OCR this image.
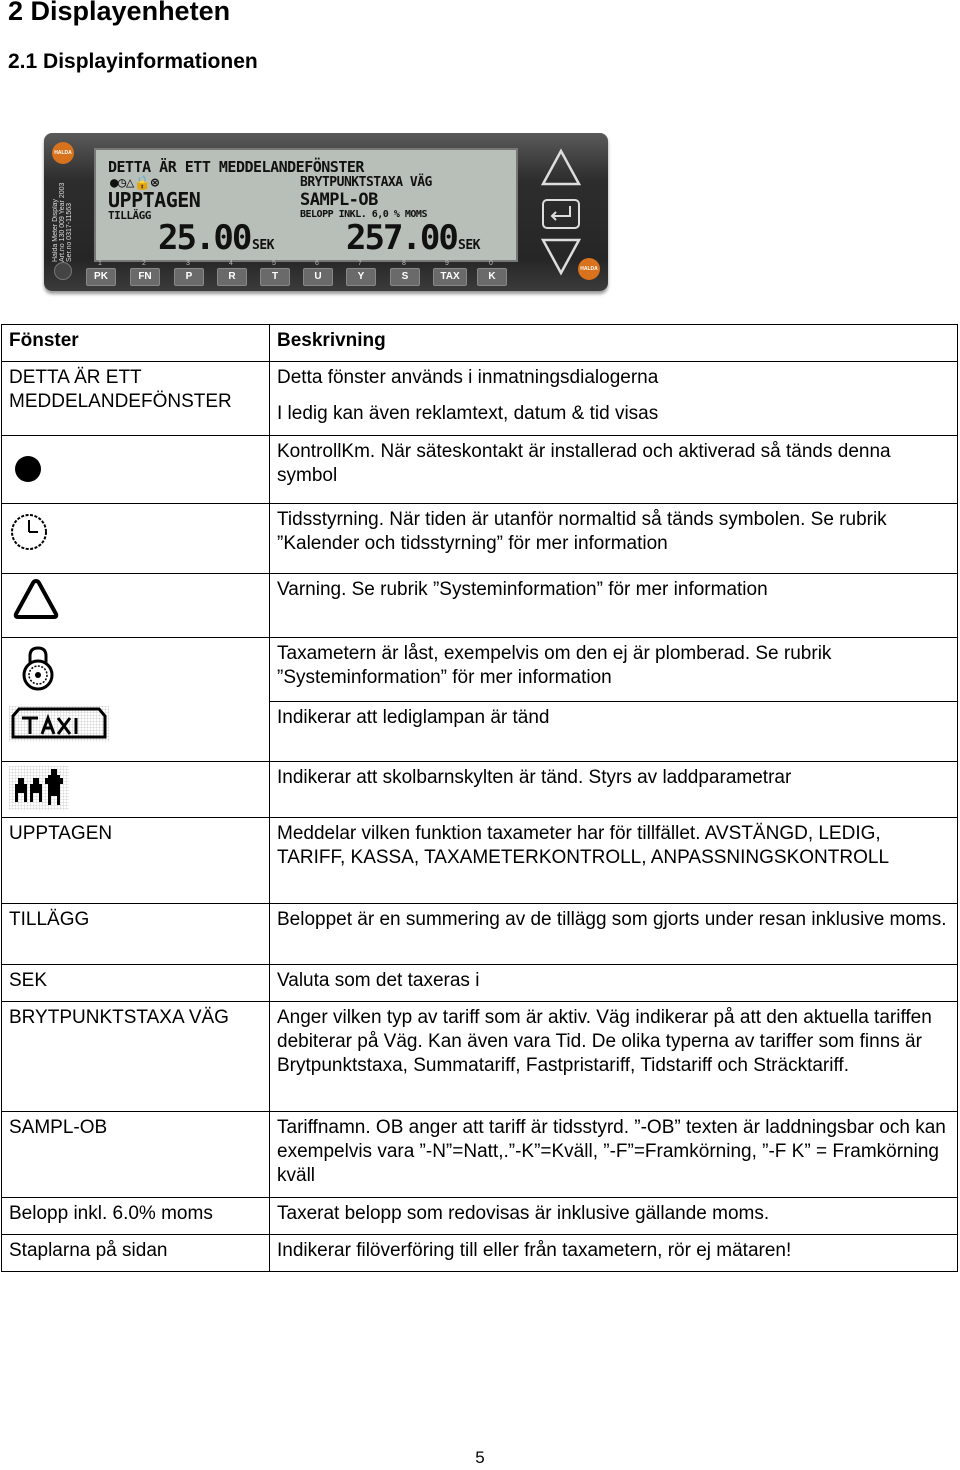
2 Displayenheten
2.1 Displayinformationen
HALDA
Halda Meter Display Art.no 130 009 Year 2003 Ser.no 0317-11563
DETTA ÄR ETT MEDDELANDEFÖNSTER
●◷△🔒⊗	BRYTPUNKTSTAXA VÄG
UPPTAGEN	SAMPL-OB
TILLÄGG	BELOPP INKL. 6,0 % MOMS
25.00 SEK 257.00 SEK
1
PK
2
FN
3
P
4
R
5
T
6
U
7
Y
8
S
9
TAX
0
K
HALDA
Fönster	Beskrivning
DETTA ÄR ETT MEDDELANDEFÖNSTER	Detta fönster används i inmatningsdialogerna
I ledig kan även reklamtext, datum & tid visas

	KontrollKm. När säteskontakt är installerad och aktiverad så tänds denna symbol

	Tidsstyrning. När tiden är utanför normaltid så tänds symbolen. Se rubrik ”Kalender och tidsstyrning” för mer information

	Varning. Se rubrik ”Systeminformation” för mer information

	Taxametern är låst, exempelvis om den ej är plomberad. Se rubrik ”Systeminformation” för mer information

	Indikerar att lediglampan är tänd

	Indikerar att skolbarnskylten är tänd. Styrs av laddparametrar
UPPTAGEN	Meddelar vilken funktion taxameter har för tillfället. AVSTÄNGD, LEDIG, TARIFF, KASSA, TAXAMETERKONTROLL, ANPASSNINGSKONTROLL
TILLÄGG	Beloppet är en summering av de tillägg som gjorts under resan inklusive moms.
SEK	Valuta som det taxeras i
BRYTPUNKTSTAXA VÄG	Anger vilken typ av tariff som är aktiv. Väg indikerar på att den aktuella tariffen debiterar på Väg. Kan även vara Tid. De olika typerna av tariffer som finns är Brytpunktstaxa, Summatariff, Fastpristariff, Tidstariff och Sträcktariff.
SAMPL-OB	Tariffnamn. OB anger att tariff är tidsstyrd. ”-OB” texten är laddningsbar och kan exempelvis vara ”-N”=Natt,.”-K”=Kväll, ”-F”=Framkörning, ”-F K” = Framkörning kväll
Belopp inkl. 6.0% moms	Taxerat belopp som redovisas är inklusive gällande moms.
Staplarna på sidan	Indikerar filöverföring till eller från taxametern, rör ej mätaren!
5
